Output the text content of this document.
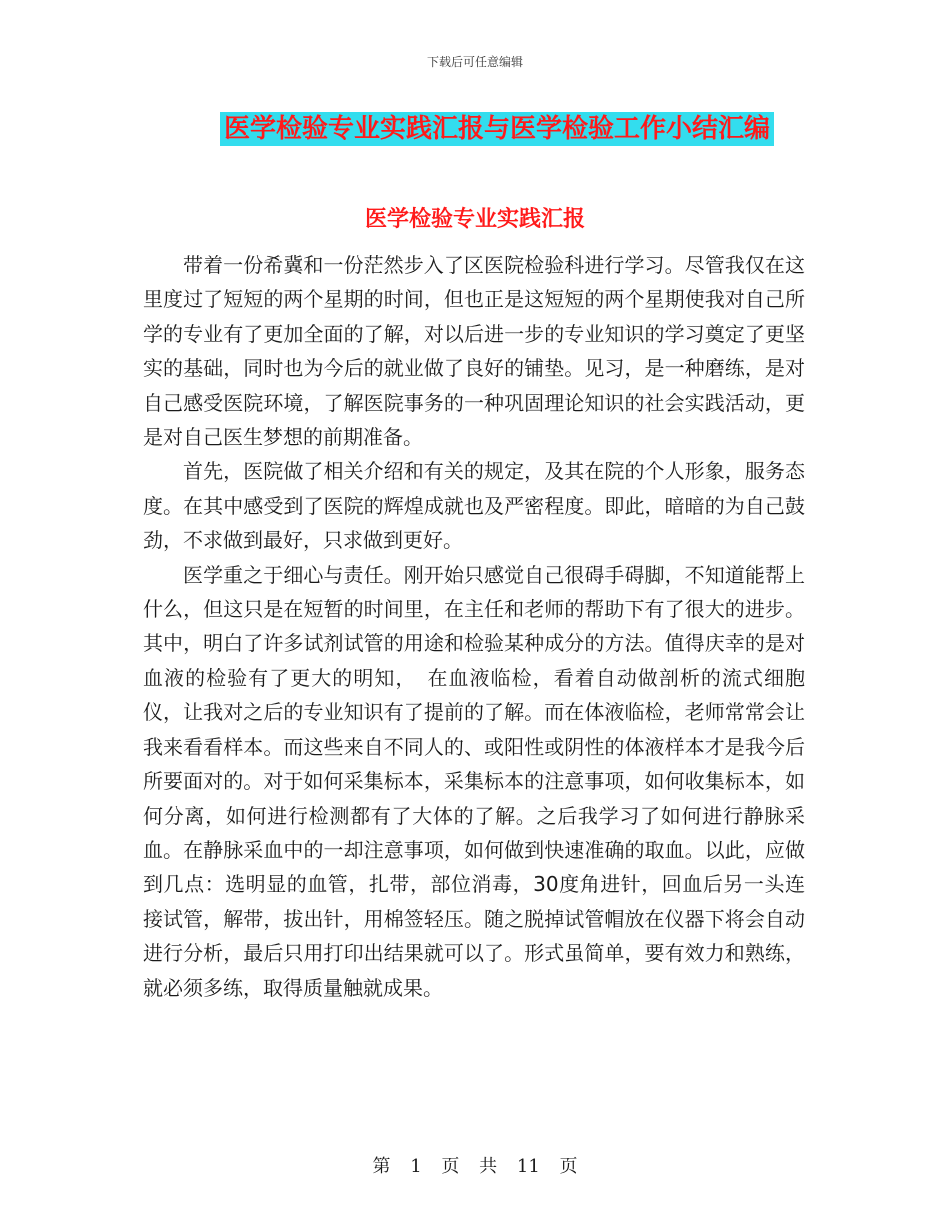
下载后可任意编辑
医学检验专业实践汇报与医学检验工作小结汇编
医学检验专业实践汇报

带着一份希冀和一份茫然步入了区医院检验科进行学习。尽管我仅在这里度过了短短的两个星期的时间，但也正是这短短的两个星期使我对自己所学的专业有了更加全面的了解，对以后进一步的专业知识的学习奠定了更坚实的基础，同时也为今后的就业做了良好的铺垫。见习，是一种磨练，是对自己感受医院环境，了解医院事务的一种巩固理论知识的社会实践活动，更是对自己医生梦想的前期准备。

首先，医院做了相关介绍和有关的规定，及其在院的个人形象，服务态度。在其中感受到了医院的辉煌成就也及严密程度。即此，暗暗的为自己鼓劲，不求做到最好，只求做到更好。

医学重之于细心与责任。刚开始只感觉自己很碍手碍脚，不知道能帮上什么，但这只是在短暂的时间里，在主任和老师的帮助下有了很大的进步。其中，明白了许多试剂试管的用途和检验某种成分的方法。值得庆幸的是对血液的检验有了更大的明知，　在血液临检，看着自动做剖析的流式细胞仪，让我对之后的专业知识有了提前的了解。而在体液临检，老师常常会让我来看看样本。而这些来自不同人的、或阳性或阴性的体液样本才是我今后所要面对的。对于如何采集标本，采集标本的注意事项，如何收集标本，如何分离，如何进行检测都有了大体的了解。之后我学习了如何进行静脉采血。在静脉采血中的一却注意事项，如何做到快速准确的取血。以此，应做到几点：选明显的血管，扎带，部位消毒，30度角进针，回血后另一头连接试管，解带，拔出针，用棉签轻压。随之脱掉试管帽放在仪器下将会自动进行分析，最后只用打印出结果就可以了。形式虽简单，要有效力和熟练，就必须多练，取得质量触就成果。

第 1 页 共 11 页
